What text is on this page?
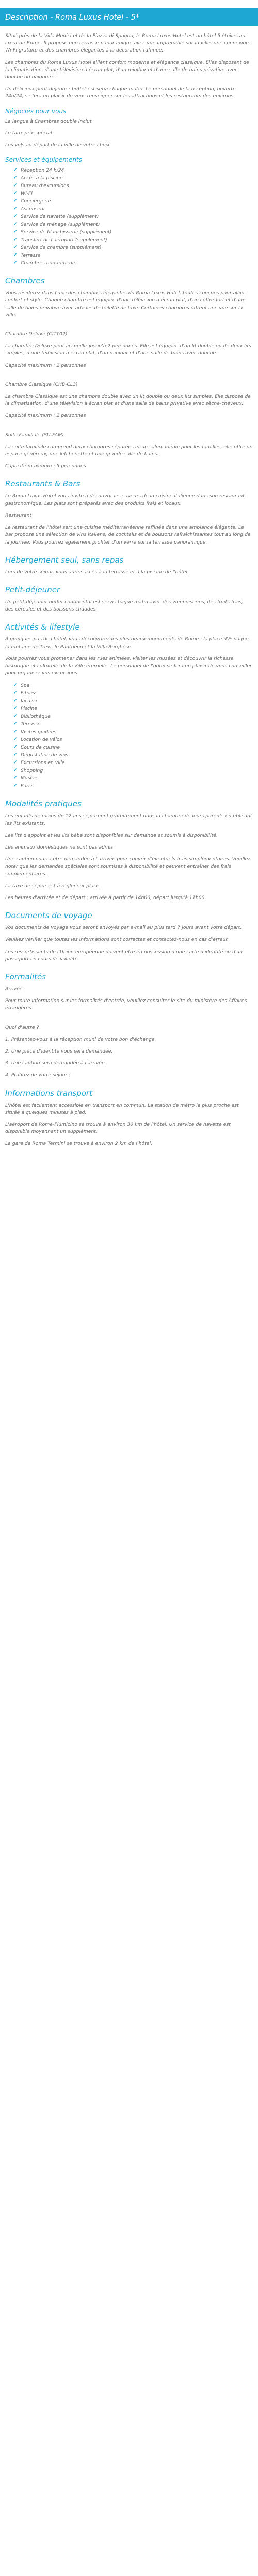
Description - Roma Luxus Hotel - 5*

Situé près de la Villa Medici et de la Piazza di Spagna, le Roma Luxus Hotel est un hôtel 5 étoiles au cœur de Rome. Il propose une terrasse panoramique avec vue imprenable sur la ville, une connexion Wi-Fi gratuite et des chambres élégantes à la décoration raffinée.

Les chambres du Roma Luxus Hotel allient confort moderne et élégance classique. Elles disposent de la climatisation, d'une télévision à écran plat, d'un minibar et d'une salle de bains privative avec douche ou baignoire.

Un délicieux petit-déjeuner buffet est servi chaque matin. Le personnel de la réception, ouverte 24h/24, se fera un plaisir de vous renseigner sur les attractions et les restaurants des environs.

Négociés pour vous

La langue à Chambres double inclut

Le taux prix spécial

Les vols au départ de la ville de votre choix

Services et équipements
✔ Réception 24 h/24
✔ Accès à la piscine
✔ Bureau d'excursions
✔ Wi-Fi
✔ Conciergerie
✔ Ascenseur
✔ Service de navette (supplément)
✔ Service de ménage (supplément)
✔ Service de blanchisserie (supplément)
✔ Transfert de l'aéroport (supplément)
✔ Service de chambre (supplément)
✔ Terrasse
✔ Chambres non-fumeurs
Chambres

Vous résiderez dans l'une des chambres élégantes du Roma Luxus Hotel, toutes conçues pour allier confort et style. Chaque chambre est équipée d'une télévision à écran plat, d'un coffre-fort et d'une salle de bains privative avec articles de toilette de luxe. Certaines chambres offrent une vue sur la ville.

Chambre Deluxe (CITY02)

La chambre Deluxe peut accueillir jusqu'à 2 personnes. Elle est équipée d'un lit double ou de deux lits simples, d'une télévision à écran plat, d'un minibar et d'une salle de bains avec douche.

Capacité maximum : 2 personnes

Chambre Classique (CHB-CL3)

La chambre Classique est une chambre double avec un lit double ou deux lits simples. Elle dispose de la climatisation, d'une télévision à écran plat et d'une salle de bains privative avec sèche-cheveux.

Capacité maximum : 2 personnes

Suite Familiale (SU-FAM)

La suite familiale comprend deux chambres séparées et un salon. Idéale pour les familles, elle offre un espace généreux, une kitchenette et une grande salle de bains.

Capacité maximum : 5 personnes

Restaurants & Bars

Le Roma Luxus Hotel vous invite à découvrir les saveurs de la cuisine italienne dans son restaurant gastronomique. Les plats sont préparés avec des produits frais et locaux.

Restaurant

Le restaurant de l'hôtel sert une cuisine méditerranéenne raffinée dans une ambiance élégante. Le bar propose une sélection de vins italiens, de cocktails et de boissons rafraîchissantes tout au long de la journée. Vous pourrez également profiter d'un verre sur la terrasse panoramique.

Hébergement seul, sans repas

Lors de votre séjour, vous aurez accès à la terrasse et à la piscine de l'hôtel.

Petit-déjeuner

Un petit-déjeuner buffet continental est servi chaque matin avec des viennoiseries, des fruits frais, des céréales et des boissons chaudes.

Activités & lifestyle

À quelques pas de l'hôtel, vous découvrirez les plus beaux monuments de Rome : la place d'Espagne, la fontaine de Trevi, le Panthéon et la Villa Borghèse.

Vous pourrez vous promener dans les rues animées, visiter les musées et découvrir la richesse historique et culturelle de la Ville éternelle. Le personnel de l'hôtel se fera un plaisir de vous conseiller pour organiser vos excursions.

✔ Spa
✔ Fitness
✔ Jacuzzi
✔ Piscine
✔ Bibliothèque
✔ Terrasse
✔ Visites guidées
✔ Location de vélos
✔ Cours de cuisine
✔ Dégustation de vins
✔ Excursions en ville
✔ Shopping
✔ Musées
✔ Parcs
Modalités pratiques

Les enfants de moins de 12 ans séjournent gratuitement dans la chambre de leurs parents en utilisant les lits existants.

Les lits d'appoint et les lits bébé sont disponibles sur demande et soumis à disponibilité.

Les animaux domestiques ne sont pas admis.

Une caution pourra être demandée à l'arrivée pour couvrir d'éventuels frais supplémentaires. Veuillez noter que les demandes spéciales sont soumises à disponibilité et peuvent entraîner des frais supplémentaires.

La taxe de séjour est à régler sur place.

Les heures d'arrivée et de départ : arrivée à partir de 14h00, départ jusqu'à 11h00.

Documents de voyage

Vos documents de voyage vous seront envoyés par e-mail au plus tard 7 jours avant votre départ.

Veuillez vérifier que toutes les informations sont correctes et contactez-nous en cas d'erreur.

Les ressortissants de l'Union européenne doivent être en possession d'une carte d'identité ou d'un passeport en cours de validité.

Formalités

Arrivée

Pour toute information sur les formalités d'entrée, veuillez consulter le site du ministère des Affaires étrangères.

Quoi d'autre ?

1. Présentez-vous à la réception muni de votre bon d'échange.

2. Une pièce d'identité vous sera demandée.

3. Une caution sera demandée à l'arrivée.

4. Profitez de votre séjour !

Informations transport

L'hôtel est facilement accessible en transport en commun. La station de métro la plus proche est située à quelques minutes à pied.

L'aéroport de Rome-Fiumicino se trouve à environ 30 km de l'hôtel. Un service de navette est disponible moyennant un supplément.

La gare de Roma Termini se trouve à environ 2 km de l'hôtel.
